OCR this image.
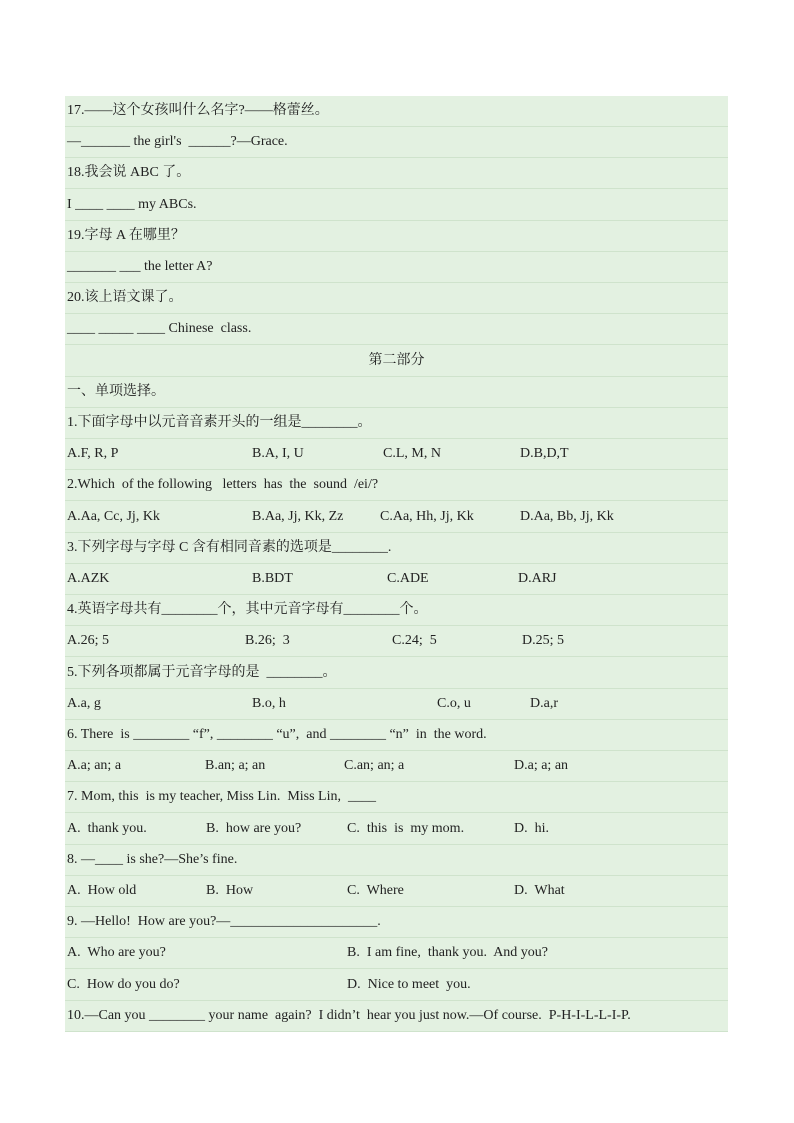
17.——这个女孩叫什么名字?——格蕾丝。
—_______ the girl's  ______?—Grace.
18.我会说 ABC 了。
I ____ ____ my ABCs.
19.字母 A 在哪里？
_______ ___ the letter A?
20.该上语文课了。
____ _____ ____ Chinese  class.
第二部分
一、单项选择。
1.下面字母中以元音音素开头的一组是________。
A.F, R, P	B.A, I, U	C.L, M, N	D.B,D,T
2.Which  of the following   letters  has  the  sound  /ei/?
A.Aa, Cc, Jj, Kk	B.Aa, Jj, Kk, Zz	C.Aa, Hh, Jj, Kk	D.Aa, Bb, Jj, Kk
3.下列字母与字母 C 含有相同音素的选项是________.
A.AZK	B.BDT	C.ADE	D.ARJ
4.英语字母共有________个，其中元音字母有________个。
A.26; 5	B.26;  3	C.24;  5	D.25; 5
5.下列各项都属于元音字母的是  ________。
A.a, g	B.o, h	C.o, u	D.a,r
6. There  is ________ “f”, ________ “u”,  and ________ “n”  in  the word.
A.a; an; a	B.an; a; an	C.an; an; a	D.a; a; an
7. Mom, this  is my teacher, Miss Lin.  Miss Lin,  ____
A.  thank you.	B.  how are you?	C.  this  is  my mom.	D.  hi.
8. —____ is she?—She’s fine.
A.  How old	B.  How	C.  Where	D.  What
9. —Hello!  How are you?—_____________________.
A.  Who are you?	B.  I am fine,  thank you.  And you?
C.  How do you do?	D.  Nice to meet  you.
10.—Can you ________ your name  again?  I didn’t  hear you just now.—Of course.  P-H-I-L-L-I-P.
